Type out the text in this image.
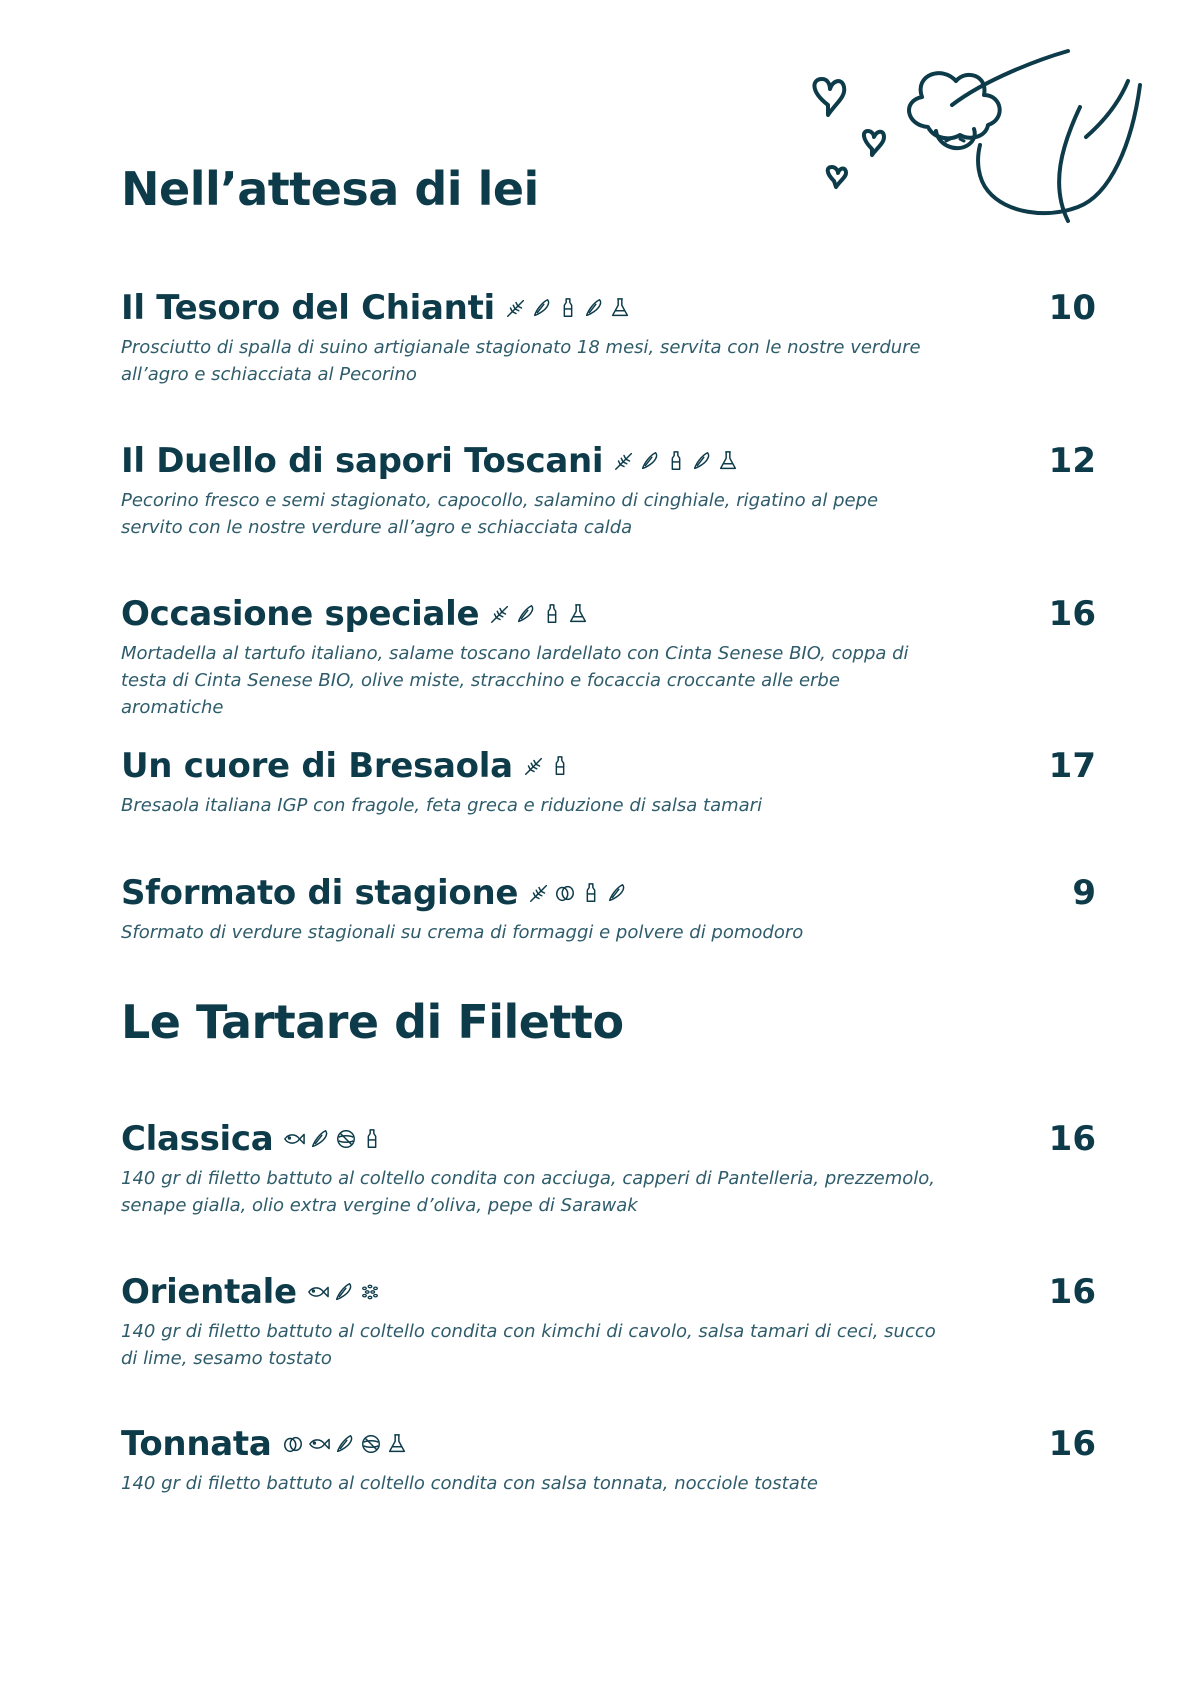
Nell’attesa di lei
Il Tesoro del Chianti	10

Prosciutto di spalla di suino artigianale stagionato 18 mesi, servita con le nostre verdure all’agro e schiacciata al Pecorino

Il Duello di sapori Toscani	12

Pecorino fresco e semi stagionato, capocollo, salamino di cinghiale, rigatino al pepe servito con le nostre verdure all’agro e schiacciata calda

Occasione speciale	16

Mortadella al tartufo italiano, salame toscano lardellato con Cinta Senese BIO, coppa di testa di Cinta Senese BIO, olive miste, stracchino e focaccia croccante alle erbe aromatiche

Un cuore di Bresaola	17

Bresaola italiana IGP con fragole, feta greca e riduzione di salsa tamari

Sformato di stagione	9

Sformato di verdure stagionali su crema di formaggi e polvere di pomodoro

Le Tartare di Filetto
Classica	16

140 gr di filetto battuto al coltello condita con acciuga, capperi di Pantelleria, prezzemolo, senape gialla, olio extra vergine d’oliva, pepe di Sarawak

Orientale	16

140 gr di filetto battuto al coltello condita con kimchi di cavolo, salsa tamari di ceci, succo di lime, sesamo tostato

Tonnata	16

140 gr di filetto battuto al coltello condita con salsa tonnata, nocciole tostate
